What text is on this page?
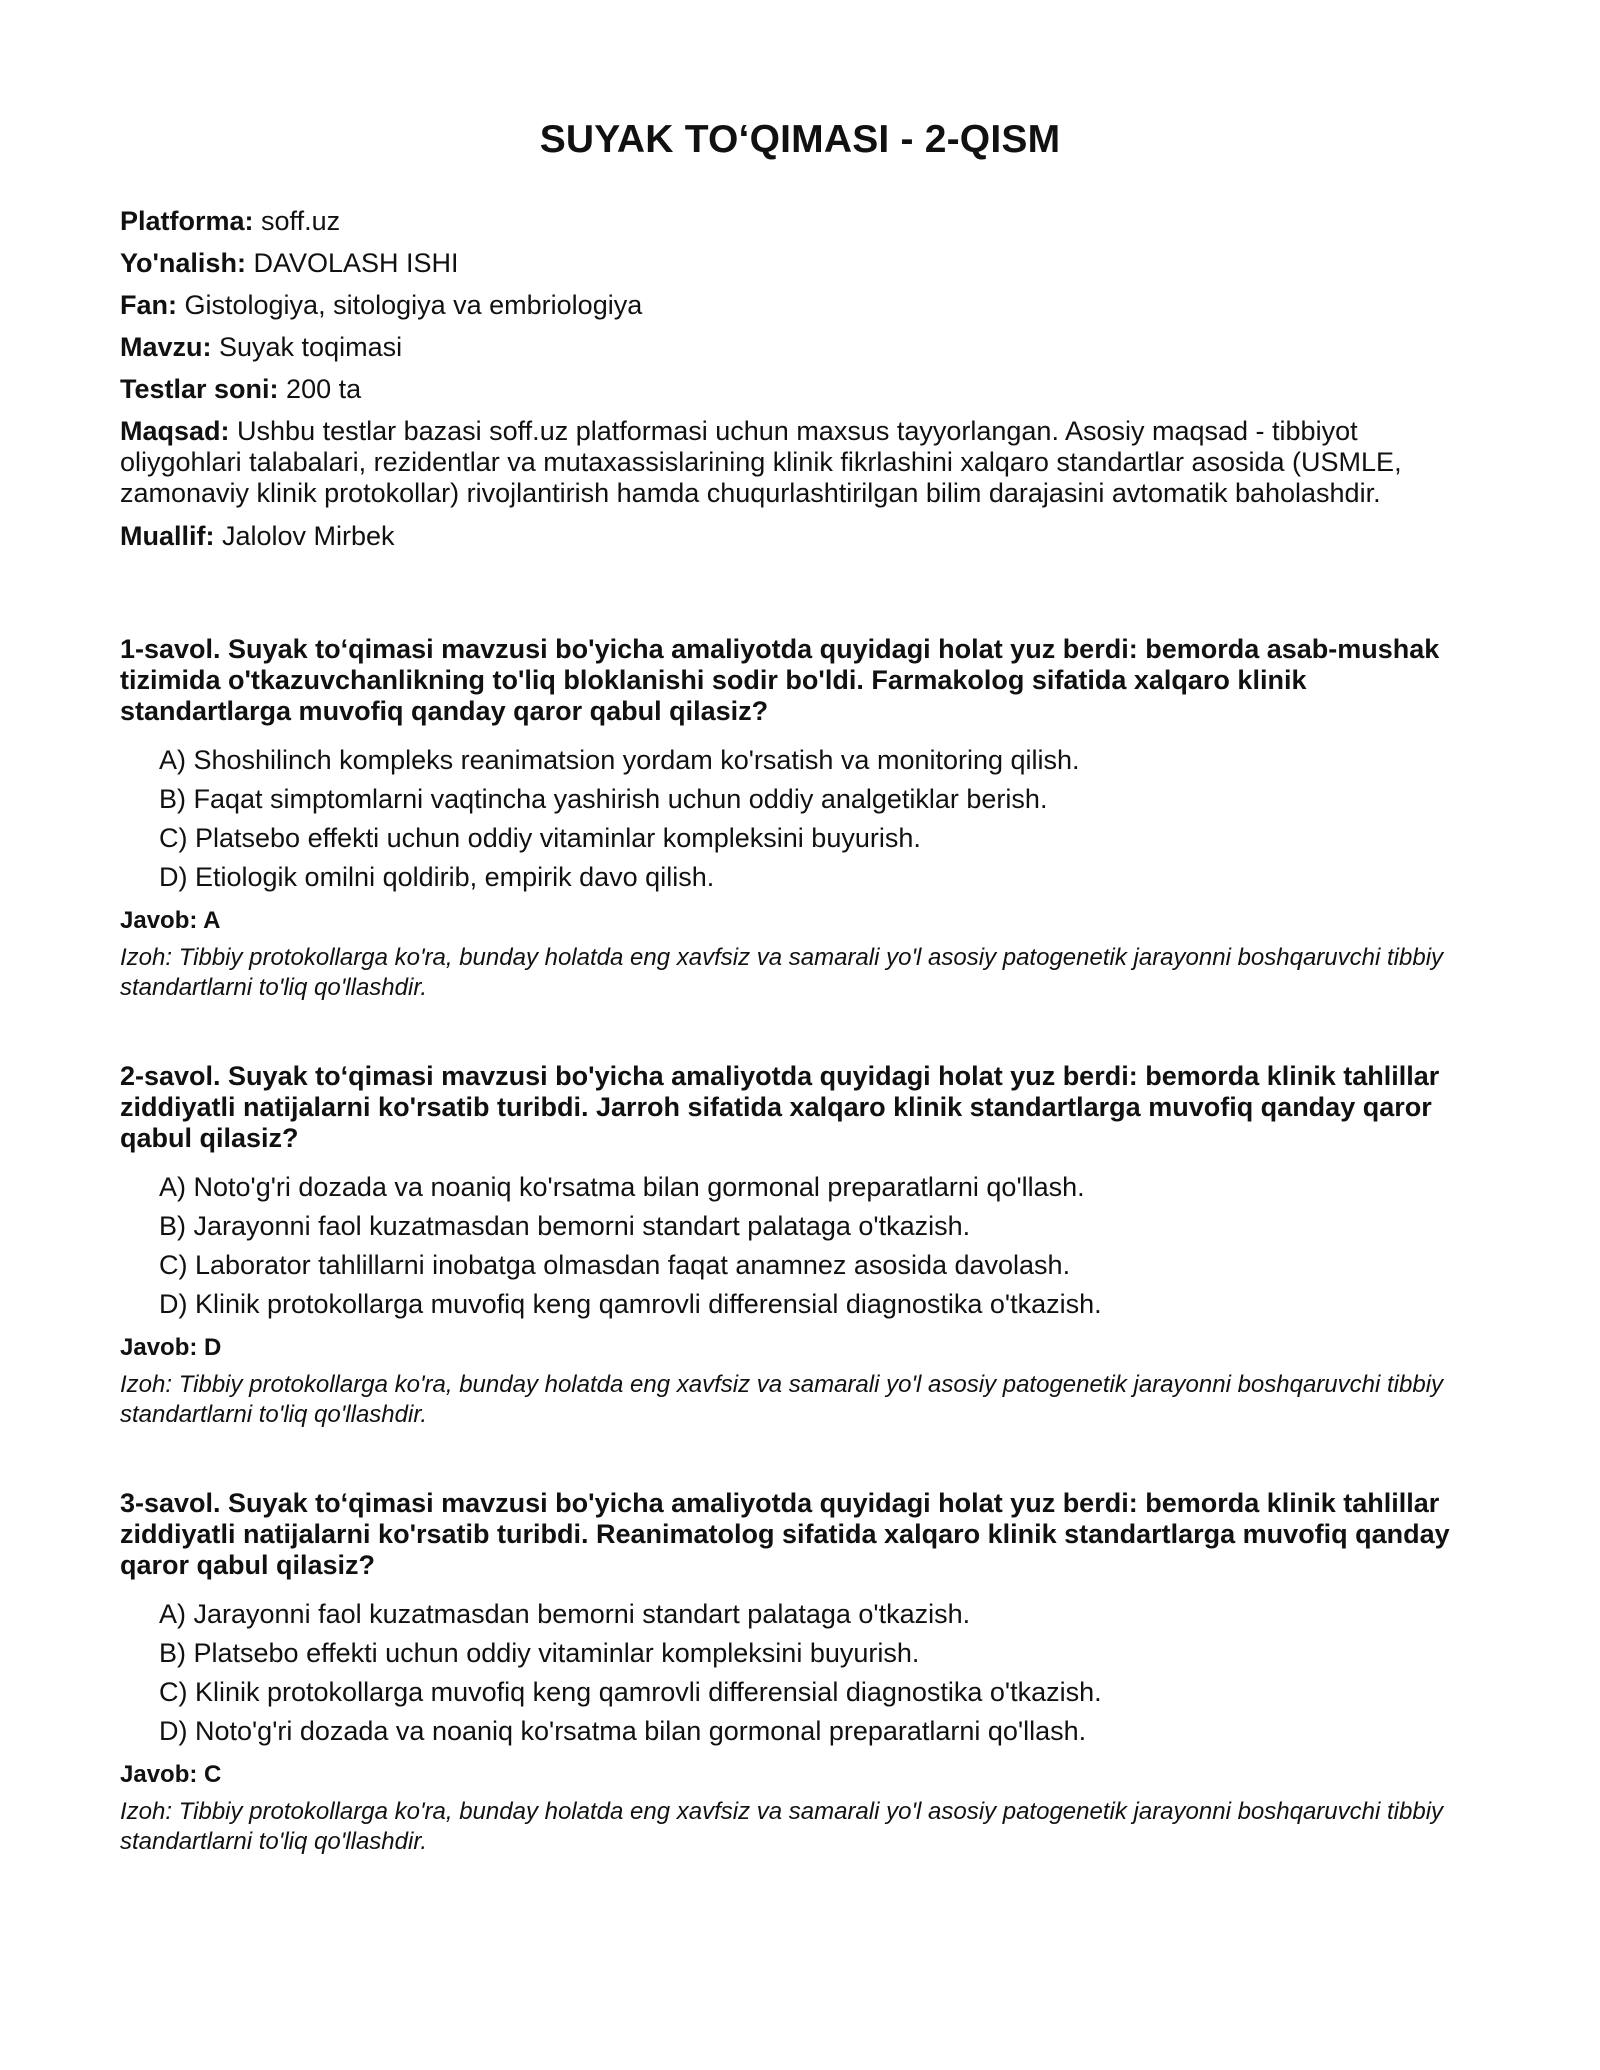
SUYAK TO‘QIMASI - 2-QISM

Platforma: soff.uz

Yo'nalish: DAVOLASH ISHI

Fan: Gistologiya, sitologiya va embriologiya

Mavzu: Suyak toqimasi

Testlar soni: 200 ta

Maqsad: Ushbu testlar bazasi soff.uz platformasi uchun maxsus tayyorlangan. Asosiy maqsad - tibbiyot oliygohlari talabalari, rezidentlar va mutaxassislarining klinik fikrlashini xalqaro standartlar asosida (USMLE, zamonaviy klinik protokollar) rivojlantirish hamda chuqurlashtirilgan bilim darajasini avtomatik baholashdir.

Muallif: Jalolov Mirbek

1-savol. Suyak to‘qimasi mavzusi bo'yicha amaliyotda quyidagi holat yuz berdi: bemorda asab-mushak tizimida o'tkazuvchanlikning to'liq bloklanishi sodir bo'ldi. Farmakolog sifatida xalqaro klinik standartlarga muvofiq qanday qaror qabul qilasiz?

A) Shoshilinch kompleks reanimatsion yordam ko'rsatish va monitoring qilish.
B) Faqat simptomlarni vaqtincha yashirish uchun oddiy analgetiklar berish.
C) Platsebo effekti uchun oddiy vitaminlar kompleksini buyurish.
D) Etiologik omilni qoldirib, empirik davo qilish.

Javob: A

Izoh: Tibbiy protokollarga ko'ra, bunday holatda eng xavfsiz va samarali yo'l asosiy patogenetik jarayonni boshqaruvchi tibbiy standartlarni to'liq qo'llashdir.

2-savol. Suyak to‘qimasi mavzusi bo'yicha amaliyotda quyidagi holat yuz berdi: bemorda klinik tahlillar ziddiyatli natijalarni ko'rsatib turibdi. Jarroh sifatida xalqaro klinik standartlarga muvofiq qanday qaror qabul qilasiz?

A) Noto'g'ri dozada va noaniq ko'rsatma bilan gormonal preparatlarni qo'llash.
B) Jarayonni faol kuzatmasdan bemorni standart palataga o'tkazish.
C) Laborator tahlillarni inobatga olmasdan faqat anamnez asosida davolash.
D) Klinik protokollarga muvofiq keng qamrovli differensial diagnostika o'tkazish.

Javob: D

Izoh: Tibbiy protokollarga ko'ra, bunday holatda eng xavfsiz va samarali yo'l asosiy patogenetik jarayonni boshqaruvchi tibbiy standartlarni to'liq qo'llashdir.

3-savol. Suyak to‘qimasi mavzusi bo'yicha amaliyotda quyidagi holat yuz berdi: bemorda klinik tahlillar ziddiyatli natijalarni ko'rsatib turibdi. Reanimatolog sifatida xalqaro klinik standartlarga muvofiq qanday qaror qabul qilasiz?

A) Jarayonni faol kuzatmasdan bemorni standart palataga o'tkazish.
B) Platsebo effekti uchun oddiy vitaminlar kompleksini buyurish.
C) Klinik protokollarga muvofiq keng qamrovli differensial diagnostika o'tkazish.
D) Noto'g'ri dozada va noaniq ko'rsatma bilan gormonal preparatlarni qo'llash.

Javob: C

Izoh: Tibbiy protokollarga ko'ra, bunday holatda eng xavfsiz va samarali yo'l asosiy patogenetik jarayonni boshqaruvchi tibbiy standartlarni to'liq qo'llashdir.
